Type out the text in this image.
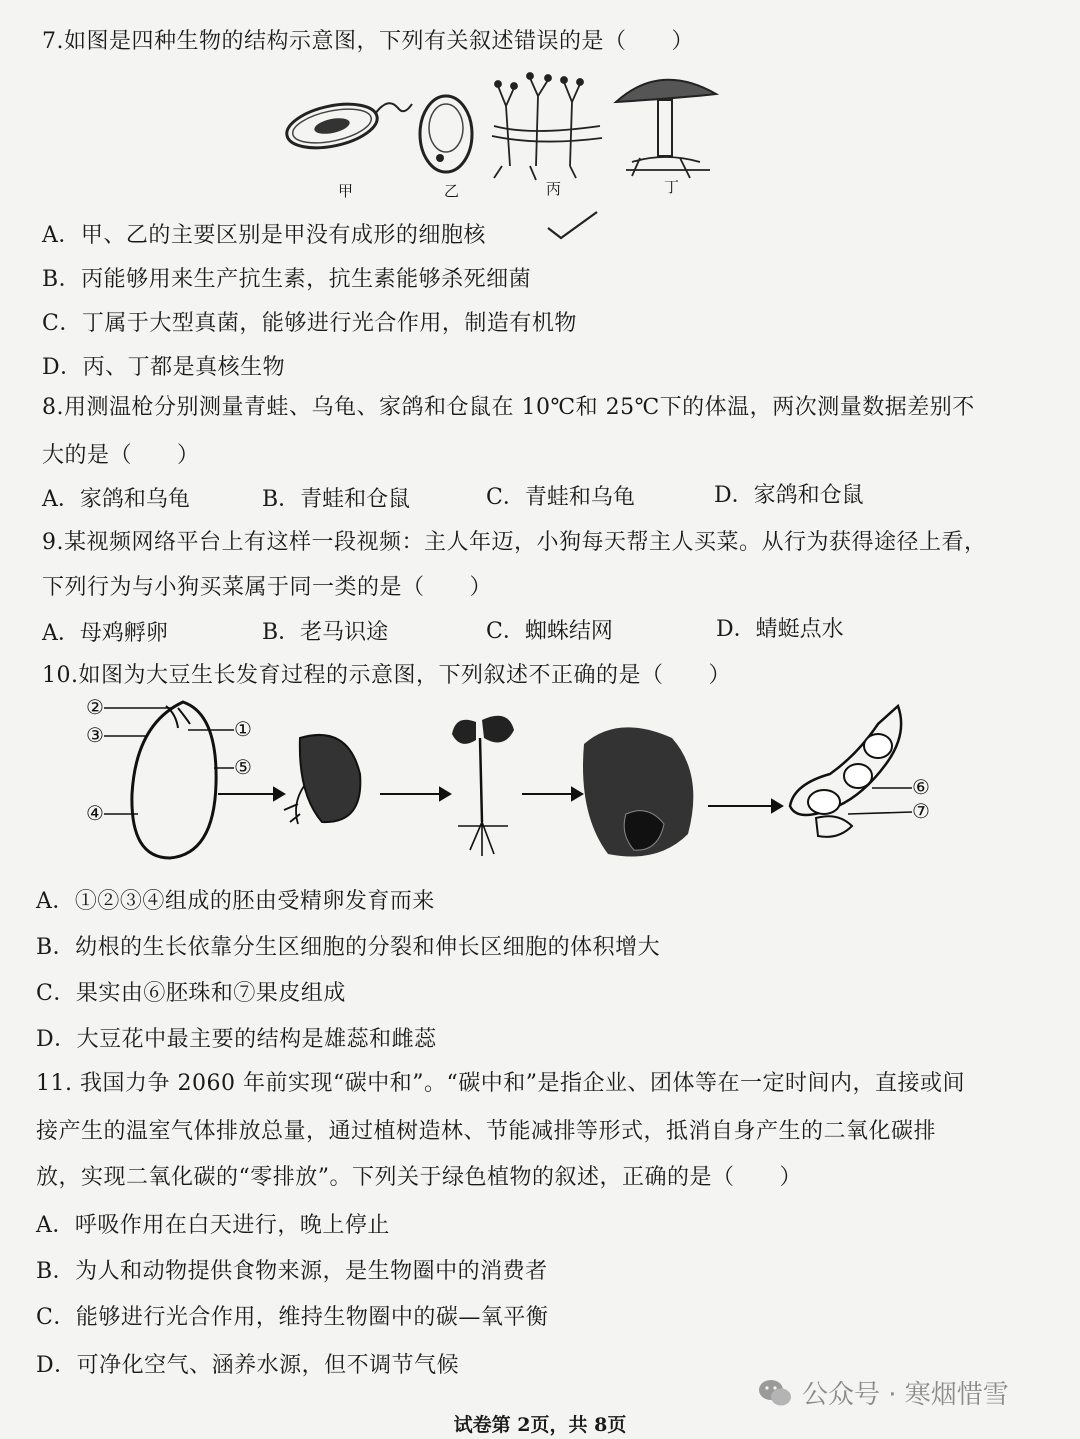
7.如图是四种生物的结构示意图，下列有关叙述错误的是（　　）
甲	乙	丙	丁
A．甲、乙的主要区别是甲没有成形的细胞核
B．丙能够用来生产抗生素，抗生素能够杀死细菌
C．丁属于大型真菌，能够进行光合作用，制造有机物
D．丙、丁都是真核生物
8.用测温枪分别测量青蛙、乌龟、家鸽和仓鼠在 10℃和 25℃下的体温，两次测量数据差别不
大的是（　　）
A．家鸽和乌龟	B．青蛙和仓鼠	C．青蛙和乌龟	D．家鸽和仓鼠
9.某视频网络平台上有这样一段视频：主人年迈，小狗每天帮主人买菜。从行为获得途径上看，
下列行为与小狗买菜属于同一类的是（　　）
A．母鸡孵卵	B．老马识途	C．蜘蛛结网	D．蜻蜓点水
10.如图为大豆生长发育过程的示意图，下列叙述不正确的是（　　）
②
③	①
⑤
④
⑥
⑦
A．①②③④组成的胚由受精卵发育而来
B．幼根的生长依靠分生区细胞的分裂和伸长区细胞的体积增大
C．果实由⑥胚珠和⑦果皮组成
D．大豆花中最主要的结构是雄蕊和雌蕊
11. 我国力争 2060 年前实现“碳中和”。“碳中和”是指企业、团体等在一定时间内，直接或间
接产生的温室气体排放总量，通过植树造林、节能减排等形式，抵消自身产生的二氧化碳排
放，实现二氧化碳的“零排放”。下列关于绿色植物的叙述，正确的是（　　）
A．呼吸作用在白天进行，晚上停止
B．为人和动物提供食物来源，是生物圈中的消费者
C．能够进行光合作用，维持生物圈中的碳—氧平衡
D．可净化空气、涵养水源，但不调节气候
公众号 · 寒烟惜雪
试卷第 2页，共 8页
